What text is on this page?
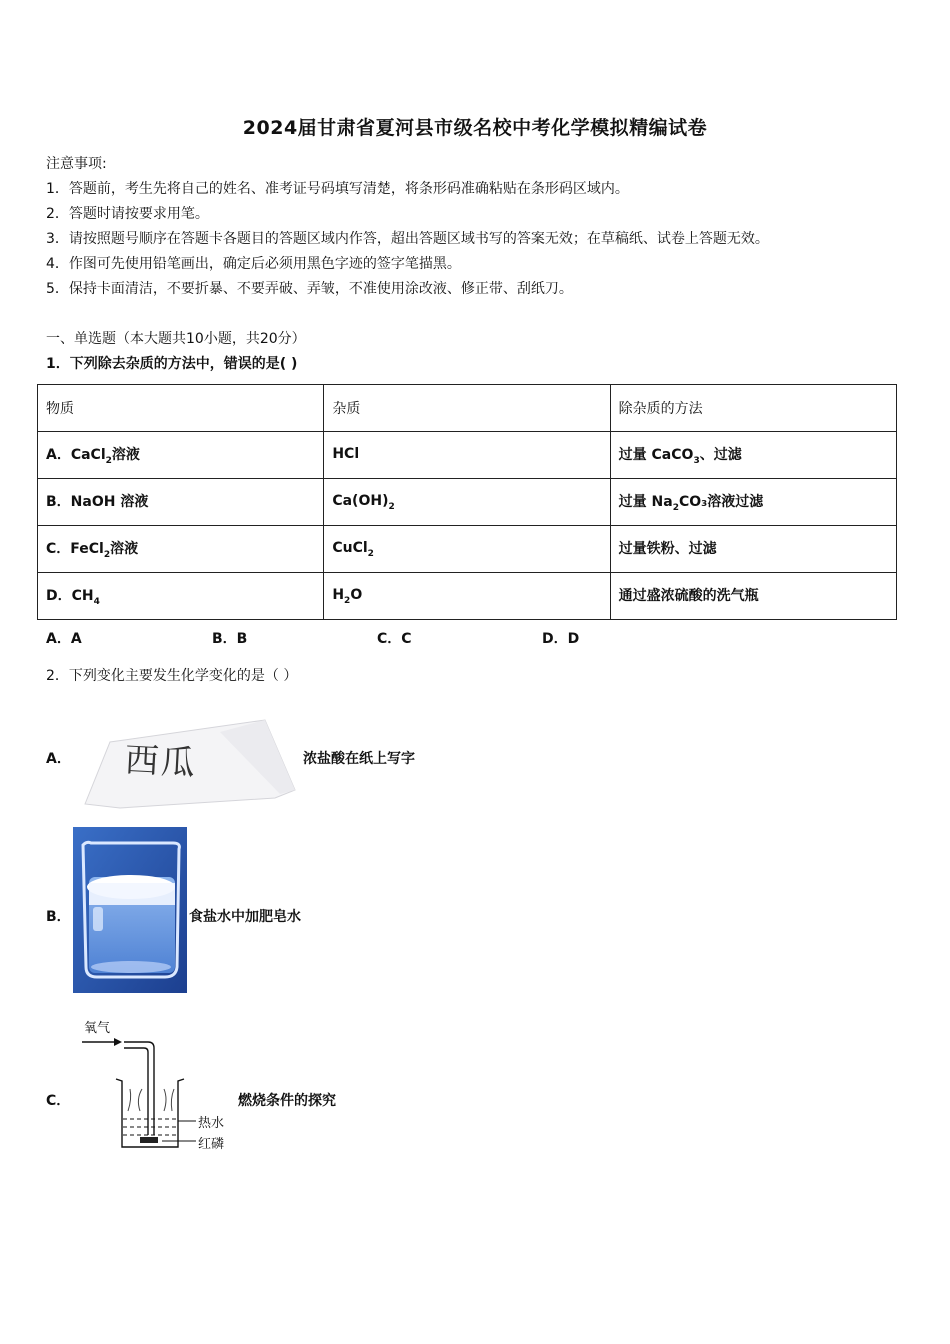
2024届甘肃省夏河县市级名校中考化学模拟精编试卷
注意事项:
1．答题前，考生先将自己的姓名、准考证号码填写清楚，将条形码准确粘贴在条形码区域内。
2．答题时请按要求用笔。
3．请按照题号顺序在答题卡各题目的答题区域内作答，超出答题区域书写的答案无效；在草稿纸、试卷上答题无效。
4．作图可先使用铅笔画出，确定后必须用黑色字迹的签字笔描黑。
5．保持卡面清洁，不要折暴、不要弄破、弄皱，不准使用涂改液、修正带、刮纸刀。
一、单选题（本大题共10小题，共20分）
1．下列除去杂质的方法中，错误的是( )
物质	杂质	除杂质的方法
A．CaCl$_2$溶液	HCl	过量 CaCO$_3$、过滤
B．NaOH 溶液	$Ca(OH)_2$	过量 $Na_2CO_3$溶液过滤
C．FeCl$_2$溶液	CuCl$_2$	过量铁粉、过滤
D．$CH_4$	$H_2O$	通过盛浓硫酸的洗气瓶
A．A	B．B	C．C	D．D
2．下列变化主要发生化学变化的是（ ）
A． 西瓜	浓盐酸在纸上写字
B．	食盐水中加肥皂水
C．
氧气
热水
红磷
燃烧条件的探究
